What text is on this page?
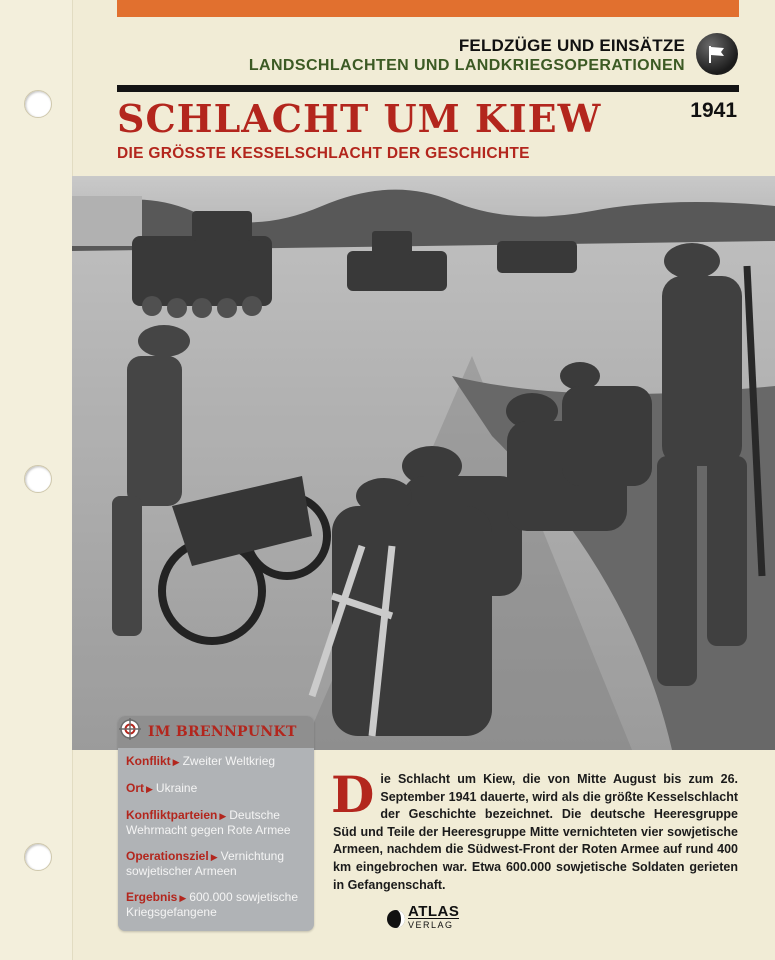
FELDZÜGE UND EINSÄTZE
LANDSCHLACHTEN UND LANDKRIEGSOPERATIONEN
SCHLACHT UM KIEW	1941
DIE GRÖSSTE KESSELSCHLACHT DER GESCHICHTE
IM BRENNPUNKT
Konflikt ▶ Zweiter Weltkrieg
Ort ▶ Ukraine
Konfliktparteien ▶ Deutsche Wehrmacht gegen Rote Armee
Operationsziel ▶ Vernichtung sowjetischer Armeen
Ergebnis ▶ 600.000 sowjetische Kriegsgefangene

Die Schlacht um Kiew, die von Mitte August bis zum 26. September 1941 dauerte, wird als die größte Kesselschlacht der Geschichte bezeichnet. Die deutsche Heeresgruppe Süd und Teile der Heeresgruppe Mitte vernichteten vier sowjetische Armeen, nachdem die Südwest-Front der Roten Armee auf rund 400 km eingebrochen war. Etwa 600.000 sowjetische Soldaten gerieten in Gefangenschaft.

ATLAS
VERLAG
